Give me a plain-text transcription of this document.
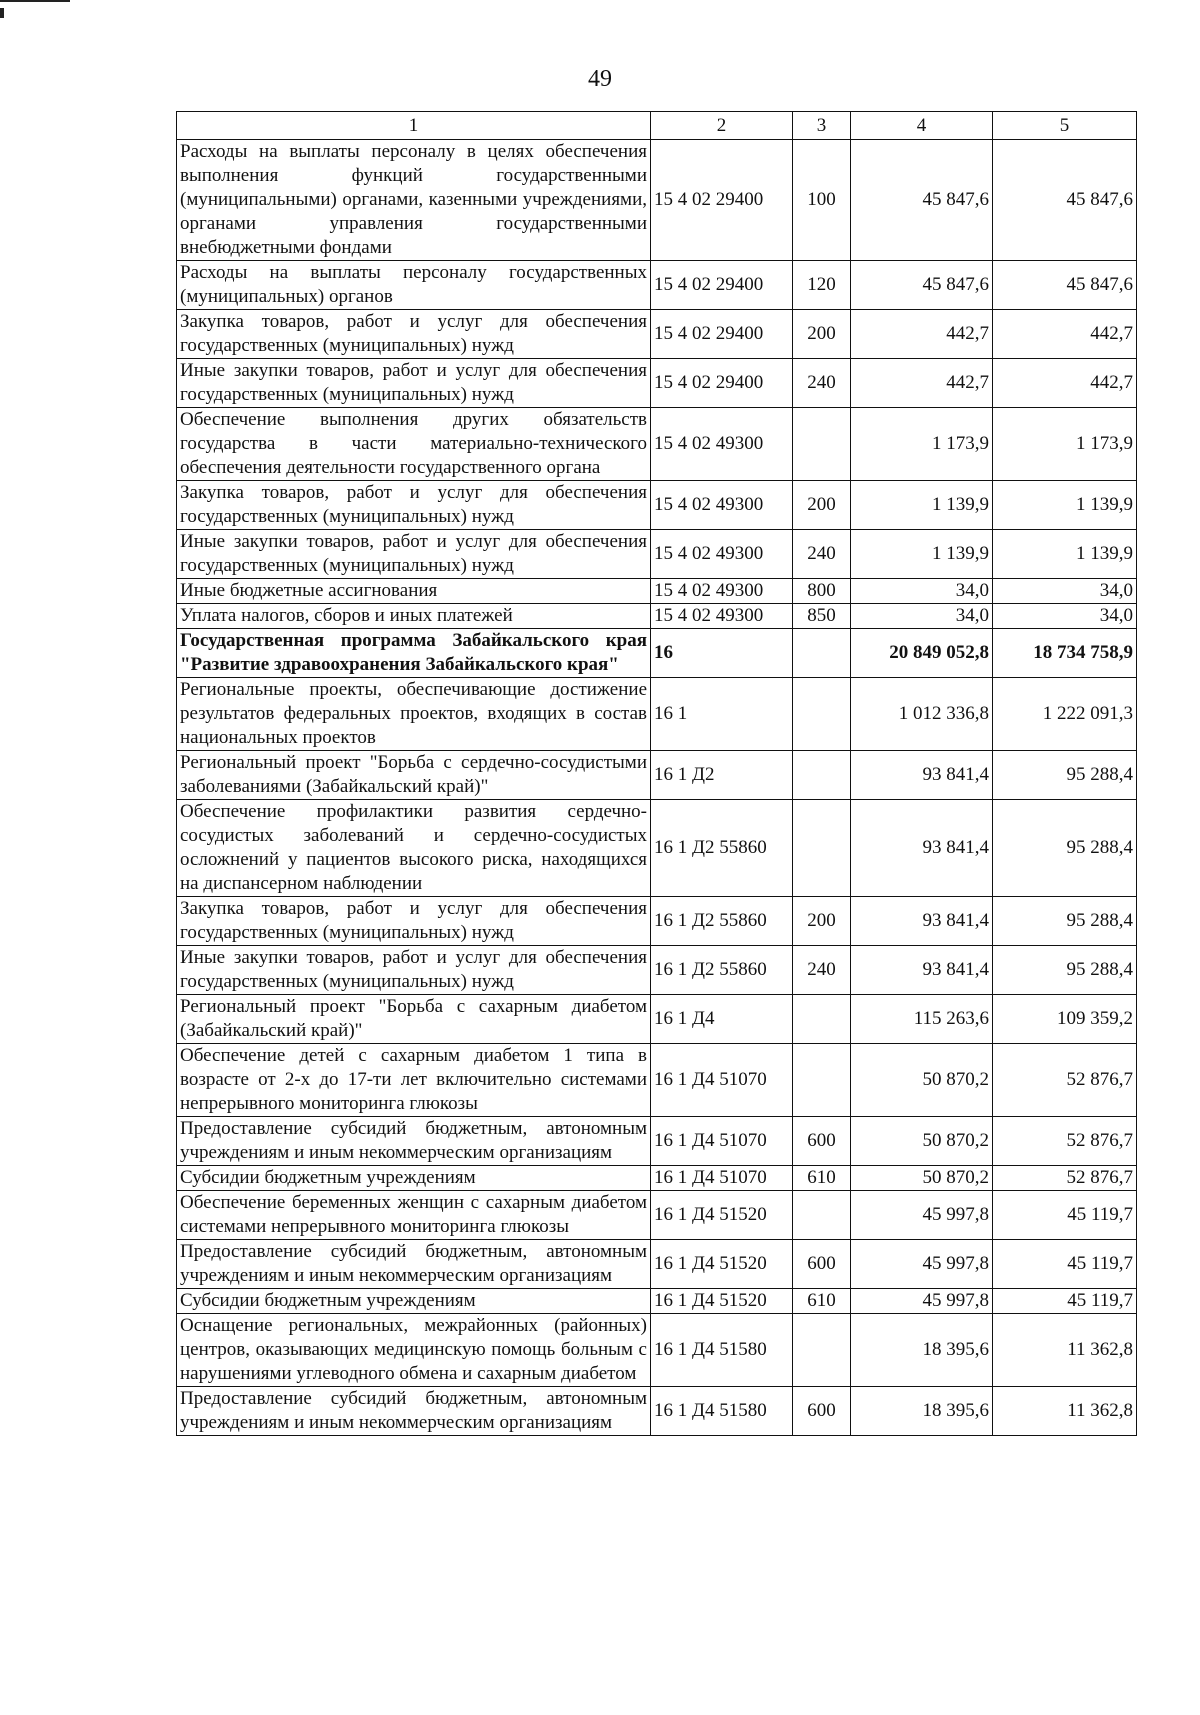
49
1	2	3	4	5
Расходы на выплаты персоналу в целях обеспечения выполнения функций государственными (муниципальными) органами, казенными учреждениями, органами управления государственными внебюджетными фондами	15 4 02 29400	100	45 847,6	45 847,6
Расходы на выплаты персоналу государственных (муниципальных) органов	15 4 02 29400	120	45 847,6	45 847,6
Закупка товаров, работ и услуг для обеспечения государственных (муниципальных) нужд	15 4 02 29400	200	442,7	442,7
Иные закупки товаров, работ и услуг для обеспечения государственных (муниципальных) нужд	15 4 02 29400	240	442,7	442,7
Обеспечение выполнения других обязательств государства в части материально-технического обеспечения деятельности государственного органа	15 4 02 49300		1 173,9	1 173,9
Закупка товаров, работ и услуг для обеспечения государственных (муниципальных) нужд	15 4 02 49300	200	1 139,9	1 139,9
Иные закупки товаров, работ и услуг для обеспечения государственных (муниципальных) нужд	15 4 02 49300	240	1 139,9	1 139,9
Иные бюджетные ассигнования	15 4 02 49300	800	34,0	34,0
Уплата налогов, сборов и иных платежей	15 4 02 49300	850	34,0	34,0
Государственная программа Забайкальского края "Развитие здравоохранения Забайкальского края"	16		20 849 052,8	18 734 758,9
Региональные проекты, обеспечивающие достижение результатов федеральных проектов, входящих в состав национальных проектов	16 1		1 012 336,8	1 222 091,3
Региональный проект "Борьба с сердечно-сосудистыми заболеваниями (Забайкальский край)"	16 1 Д2		93 841,4	95 288,4
Обеспечение профилактики развития сердечно-сосудистых заболеваний и сердечно-сосудистых осложнений у пациентов высокого риска, находящихся на диспансерном наблюдении	16 1 Д2 55860		93 841,4	95 288,4
Закупка товаров, работ и услуг для обеспечения государственных (муниципальных) нужд	16 1 Д2 55860	200	93 841,4	95 288,4
Иные закупки товаров, работ и услуг для обеспечения государственных (муниципальных) нужд	16 1 Д2 55860	240	93 841,4	95 288,4
Региональный проект "Борьба с сахарным диабетом (Забайкальский край)"	16 1 Д4		115 263,6	109 359,2
Обеспечение детей с сахарным диабетом 1 типа в возрасте от 2-х до 17-ти лет включительно системами непрерывного мониторинга глюкозы	16 1 Д4 51070		50 870,2	52 876,7
Предоставление субсидий бюджетным, автономным учреждениям и иным некоммерческим организациям	16 1 Д4 51070	600	50 870,2	52 876,7
Субсидии бюджетным учреждениям	16 1 Д4 51070	610	50 870,2	52 876,7
Обеспечение беременных женщин с сахарным диабетом системами непрерывного мониторинга глюкозы	16 1 Д4 51520		45 997,8	45 119,7
Предоставление субсидий бюджетным, автономным учреждениям и иным некоммерческим организациям	16 1 Д4 51520	600	45 997,8	45 119,7
Субсидии бюджетным учреждениям	16 1 Д4 51520	610	45 997,8	45 119,7
Оснащение региональных, межрайонных (районных) центров, оказывающих медицинскую помощь больным с нарушениями углеводного обмена и сахарным диабетом	16 1 Д4 51580		18 395,6	11 362,8
Предоставление субсидий бюджетным, автономным учреждениям и иным некоммерческим организациям	16 1 Д4 51580	600	18 395,6	11 362,8
